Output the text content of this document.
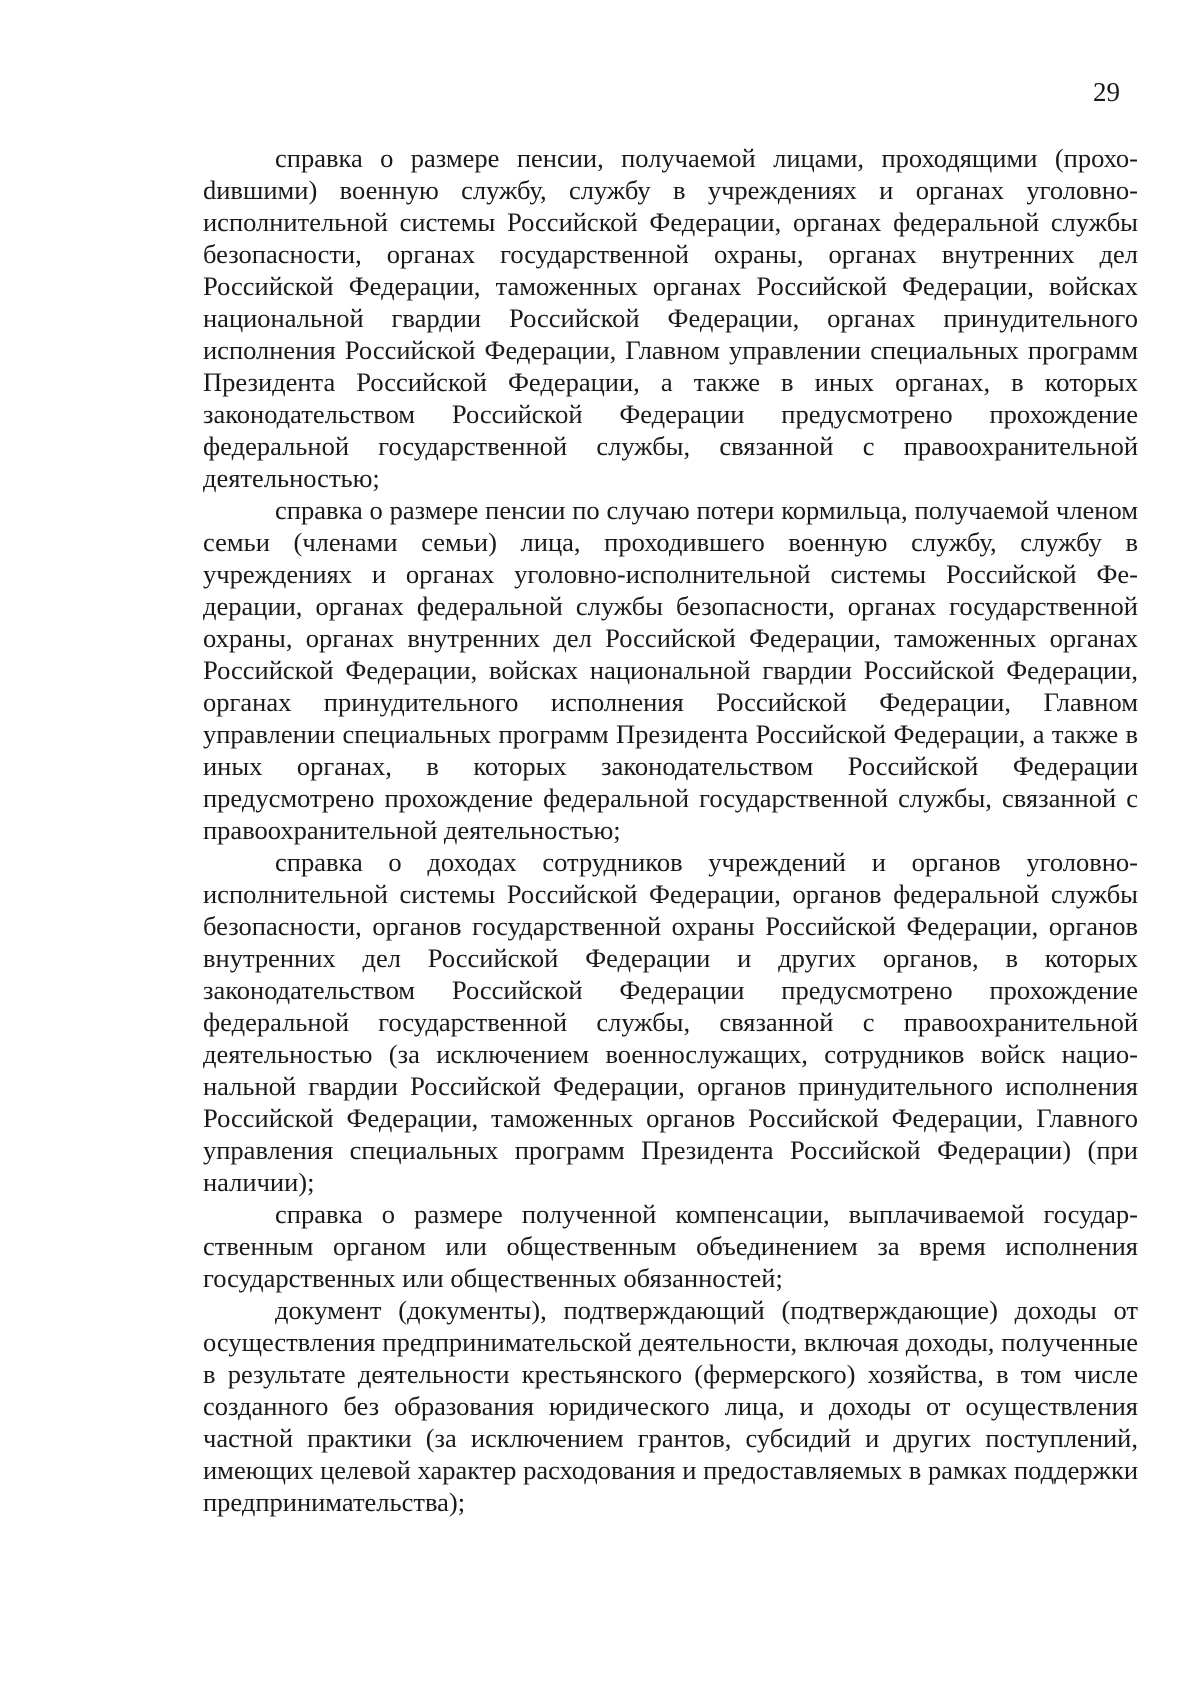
29

справка о размере пенсии, получаемой лицами, проходящими (прохоdившими) военную службу, службу в учреждениях и органах уголовно-исполнительной системы Российской Федерации, органах федеральной службы безопасности, органах государственной охраны, органах внутренних дел Российской Федерации, таможенных органах Российской Федерации, войсках национальной гвардии Российской Федерации, органах принудительного исполнения Российской Федерации, Главном управлении специальных программ Президента Российской Федерации, а также в иных органах, в которых законодательством Российской Федерации предусмотрено прохождение федеральной государственной службы, связанной с правоохранительной деятельностью;

справка о размере пенсии по случаю потери кормильца, получаемой членом семьи (членами семьи) лица, проходившего военную службу, службу в учреждениях и органах уголовно-исполнительной системы Российской Федерации, органах федеральной службы безопасности, органах государственной охраны, органах внутренних дел Российской Федерации, таможенных органах Российской Федерации, войсках национальной гвардии Российской Федерации, органах принудительного исполнения Российской Федерации, Главном управлении специальных программ Президента Российской Федерации, а также в иных органах, в которых законодательством Российской Федерации предусмотрено прохождение федеральной государственной службы, связанной с правоохранительной деятельностью;

справка о доходах сотрудников учреждений и органов уголовно-исполнительной системы Российской Федерации, органов федеральной службы безопасности, органов государственной охраны Российской Федерации, органов внутренних дел Российской Федерации и других органов, в которых законодательством Российской Федерации предусмотрено прохождение федеральной государственной службы, связанной с правоохранительной деятельностью (за исключением военнослужащих, сотрудников войск национальной гвардии Российской Федерации, органов принудительного исполнения Российской Федерации, таможенных органов Российской Федерации, Главного управления специальных программ Президента Российской Федерации) (при наличии);

справка о размере полученной компенсации, выплачиваемой государственным органом или общественным объединением за время исполнения государственных или общественных обязанностей;

документ (документы), подтверждающий (подтверждающие) доходы от осуществления предпринимательской деятельности, включая доходы, полученные в результате деятельности крестьянского (фермерского) хозяйства, в том числе созданного без образования юридического лица, и доходы от осуществления частной практики (за исключением грантов, субсидий и других поступлений, имеющих целевой характер расходования и предоставляемых в рамках поддержки предпринимательства);
